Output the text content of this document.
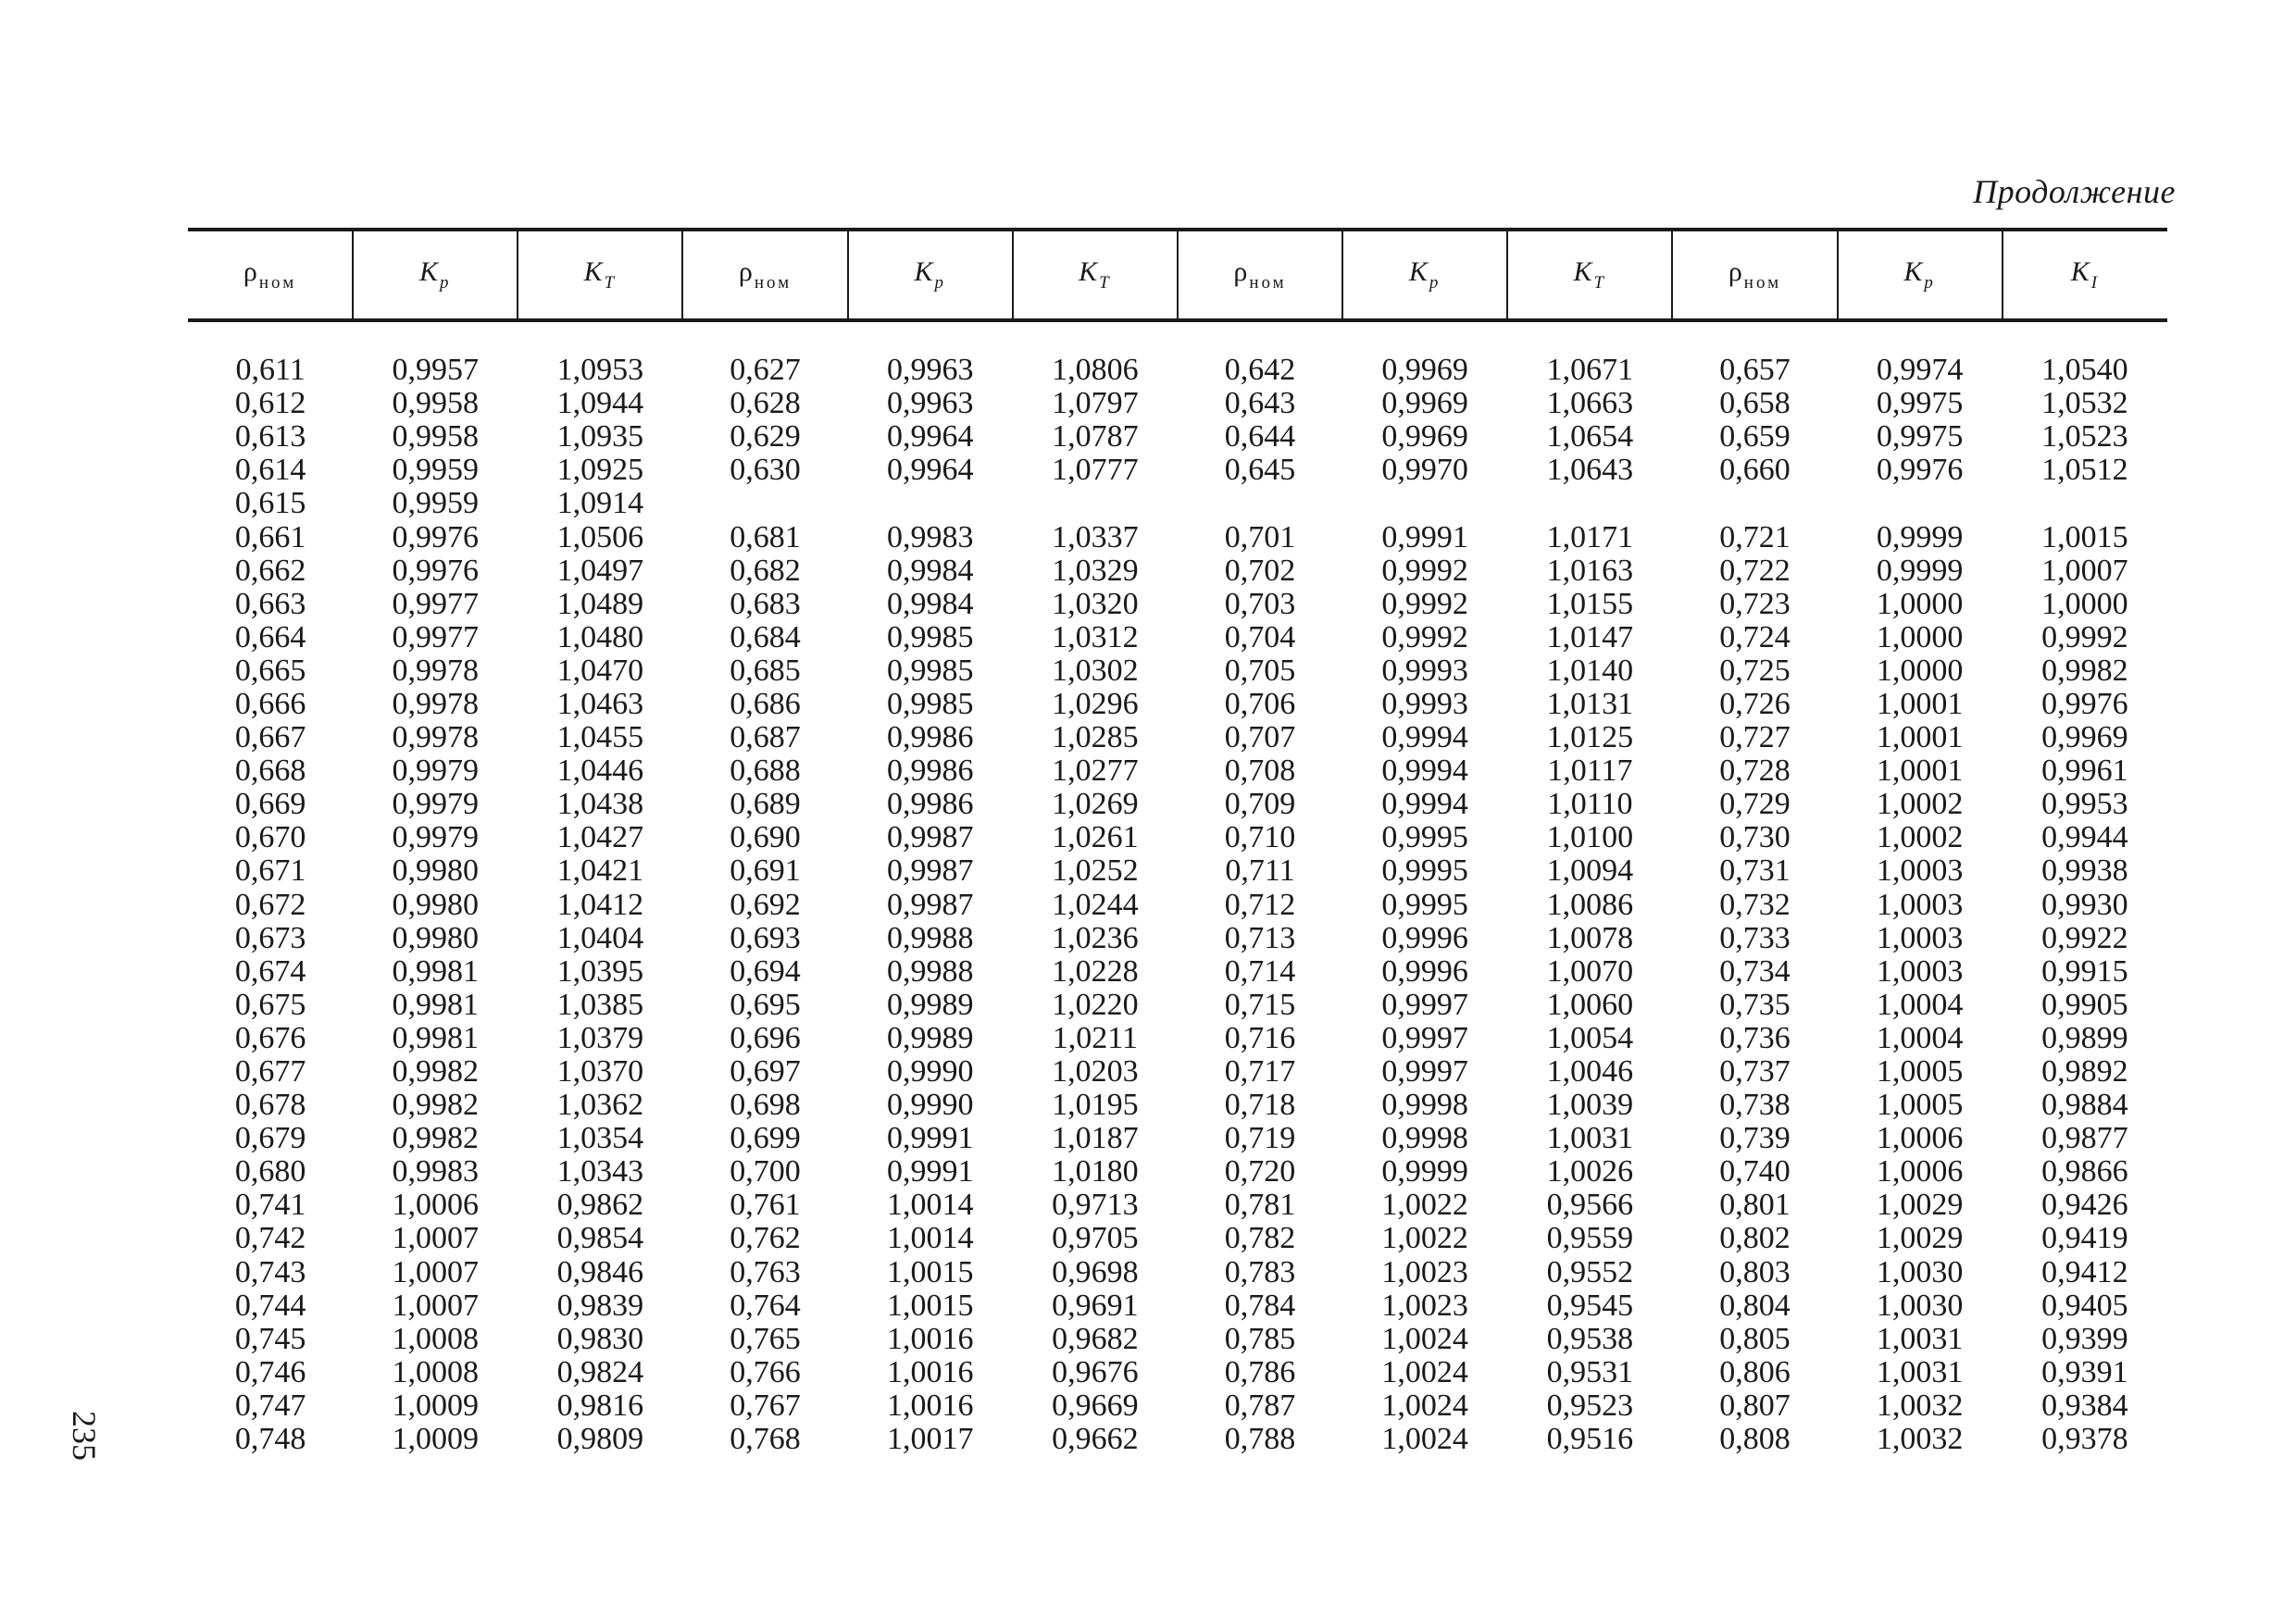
Продолжение
ρ $_{ном}$	K $_p$	K $_T$	ρ $_{ном}$	K $_p$	K $_T$	ρ $_{ном}$	K $_p$	K $_T$	ρ $_{ном}$	K $_p$	K $_I$

0,611	0,9957	1,0953	0,627	0,9963	1,0806	0,642	0,9969	1,0671	0,657	0,9974	1,0540
0,612	0,9958	1,0944	0,628	0,9963	1,0797	0,643	0,9969	1,0663	0,658	0,9975	1,0532
0,613	0,9958	1,0935	0,629	0,9964	1,0787	0,644	0,9969	1,0654	0,659	0,9975	1,0523
0,614	0,9959	1,0925	0,630	0,9964	1,0777	0,645	0,9970	1,0643	0,660	0,9976	1,0512
0,615	0,9959	1,0914									
0,661	0,9976	1,0506	0,681	0,9983	1,0337	0,701	0,9991	1,0171	0,721	0,9999	1,0015
0,662	0,9976	1,0497	0,682	0,9984	1,0329	0,702	0,9992	1,0163	0,722	0,9999	1,0007
0,663	0,9977	1,0489	0,683	0,9984	1,0320	0,703	0,9992	1,0155	0,723	1,0000	1,0000
0,664	0,9977	1,0480	0,684	0,9985	1,0312	0,704	0,9992	1,0147	0,724	1,0000	0,9992
0,665	0,9978	1,0470	0,685	0,9985	1,0302	0,705	0,9993	1,0140	0,725	1,0000	0,9982
0,666	0,9978	1,0463	0,686	0,9985	1,0296	0,706	0,9993	1,0131	0,726	1,0001	0,9976
0,667	0,9978	1,0455	0,687	0,9986	1,0285	0,707	0,9994	1,0125	0,727	1,0001	0,9969
0,668	0,9979	1,0446	0,688	0,9986	1,0277	0,708	0,9994	1,0117	0,728	1,0001	0,9961
0,669	0,9979	1,0438	0,689	0,9986	1,0269	0,709	0,9994	1,0110	0,729	1,0002	0,9953
0,670	0,9979	1,0427	0,690	0,9987	1,0261	0,710	0,9995	1,0100	0,730	1,0002	0,9944
0,671	0,9980	1,0421	0,691	0,9987	1,0252	0,711	0,9995	1,0094	0,731	1,0003	0,9938
0,672	0,9980	1,0412	0,692	0,9987	1,0244	0,712	0,9995	1,0086	0,732	1,0003	0,9930
0,673	0,9980	1,0404	0,693	0,9988	1,0236	0,713	0,9996	1,0078	0,733	1,0003	0,9922
0,674	0,9981	1,0395	0,694	0,9988	1,0228	0,714	0,9996	1,0070	0,734	1,0003	0,9915
0,675	0,9981	1,0385	0,695	0,9989	1,0220	0,715	0,9997	1,0060	0,735	1,0004	0,9905
0,676	0,9981	1,0379	0,696	0,9989	1,0211	0,716	0,9997	1,0054	0,736	1,0004	0,9899
0,677	0,9982	1,0370	0,697	0,9990	1,0203	0,717	0,9997	1,0046	0,737	1,0005	0,9892
0,678	0,9982	1,0362	0,698	0,9990	1,0195	0,718	0,9998	1,0039	0,738	1,0005	0,9884
0,679	0,9982	1,0354	0,699	0,9991	1,0187	0,719	0,9998	1,0031	0,739	1,0006	0,9877
0,680	0,9983	1,0343	0,700	0,9991	1,0180	0,720	0,9999	1,0026	0,740	1,0006	0,9866
0,741	1,0006	0,9862	0,761	1,0014	0,9713	0,781	1,0022	0,9566	0,801	1,0029	0,9426
0,742	1,0007	0,9854	0,762	1,0014	0,9705	0,782	1,0022	0,9559	0,802	1,0029	0,9419
0,743	1,0007	0,9846	0,763	1,0015	0,9698	0,783	1,0023	0,9552	0,803	1,0030	0,9412
0,744	1,0007	0,9839	0,764	1,0015	0,9691	0,784	1,0023	0,9545	0,804	1,0030	0,9405
0,745	1,0008	0,9830	0,765	1,0016	0,9682	0,785	1,0024	0,9538	0,805	1,0031	0,9399
0,746	1,0008	0,9824	0,766	1,0016	0,9676	0,786	1,0024	0,9531	0,806	1,0031	0,9391
0,747	1,0009	0,9816	0,767	1,0016	0,9669	0,787	1,0024	0,9523	0,807	1,0032	0,9384
0,748	1,0009	0,9809	0,768	1,0017	0,9662	0,788	1,0024	0,9516	0,808	1,0032	0,9378
235
